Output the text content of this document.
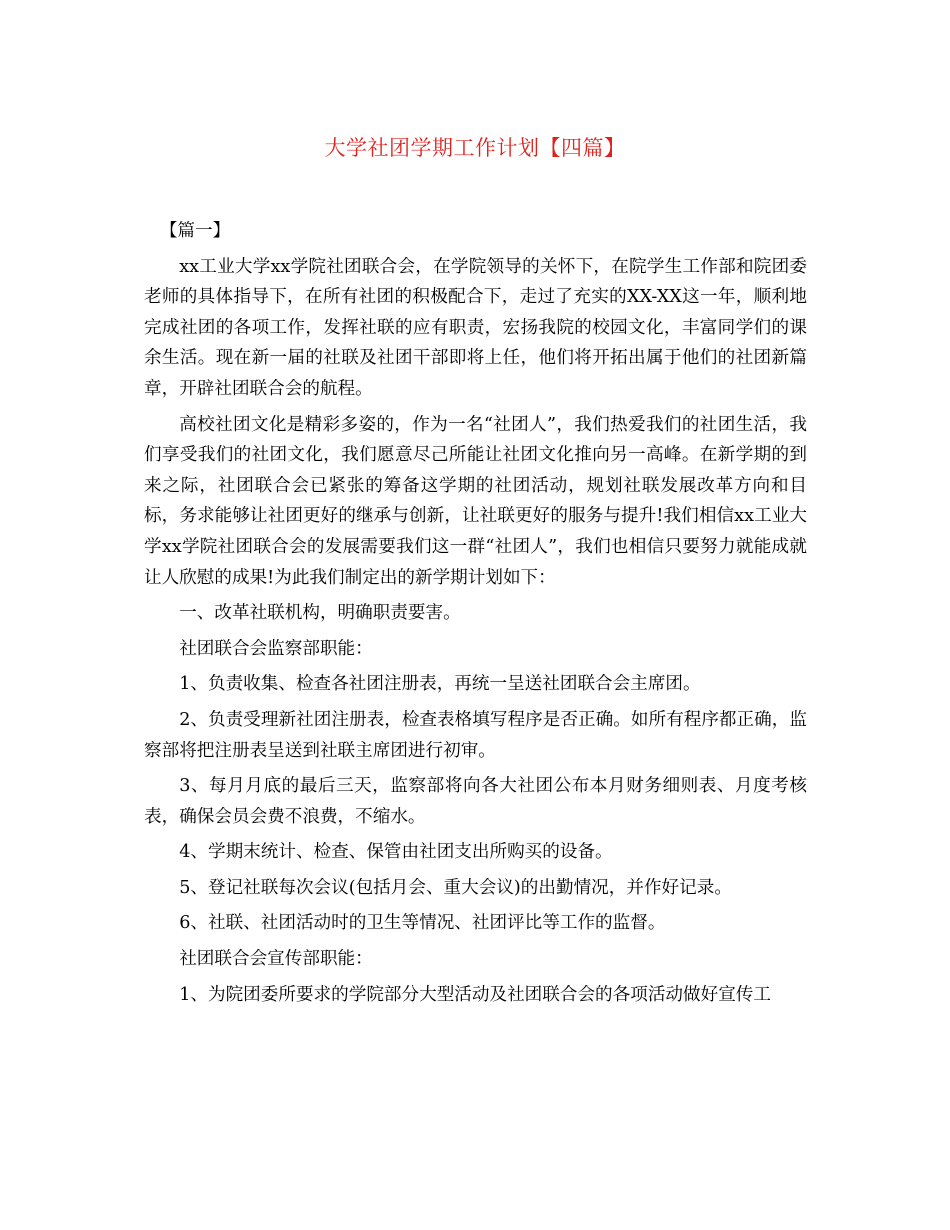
大学社团学期工作计划【四篇】

【篇一】

xx工业大学xx学院社团联合会，在学院领导的关怀下，在院学生工作部和院团委老师的具体指导下，在所有社团的积极配合下，走过了充实的XX-XX这一年，顺利地完成社团的各项工作，发挥社联的应有职责，宏扬我院的校园文化，丰富同学们的课余生活。现在新一届的社联及社团干部即将上任，他们将开拓出属于他们的社团新篇章，开辟社团联合会的航程。

高校社团文化是精彩多姿的，作为一名“社团人”，我们热爱我们的社团生活，我们享受我们的社团文化，我们愿意尽己所能让社团文化推向另一高峰。在新学期的到来之际，社团联合会已紧张的筹备这学期的社团活动，规划社联发展改革方向和目标，务求能够让社团更好的继承与创新，让社联更好的服务与提升!我们相信xx工业大学xx学院社团联合会的发展需要我们这一群“社团人”，我们也相信只要努力就能成就让人欣慰的成果!为此我们制定出的新学期计划如下：

一、改革社联机构，明确职责要害。

社团联合会监察部职能：

1、负责收集、检查各社团注册表，再统一呈送社团联合会主席团。

2、负责受理新社团注册表，检查表格填写程序是否正确。如所有程序都正确，监察部将把注册表呈送到社联主席团进行初审。

3、每月月底的最后三天，监察部将向各大社团公布本月财务细则表、月度考核表，确保会员会费不浪费，不缩水。

4、学期末统计、检查、保管由社团支出所购买的设备。

5、登记社联每次会议(包括月会、重大会议)的出勤情况，并作好记录。

6、社联、社团活动时的卫生等情况、社团评比等工作的监督。

社团联合会宣传部职能：

1、为院团委所要求的学院部分大型活动及社团联合会的各项活动做好宣传工
